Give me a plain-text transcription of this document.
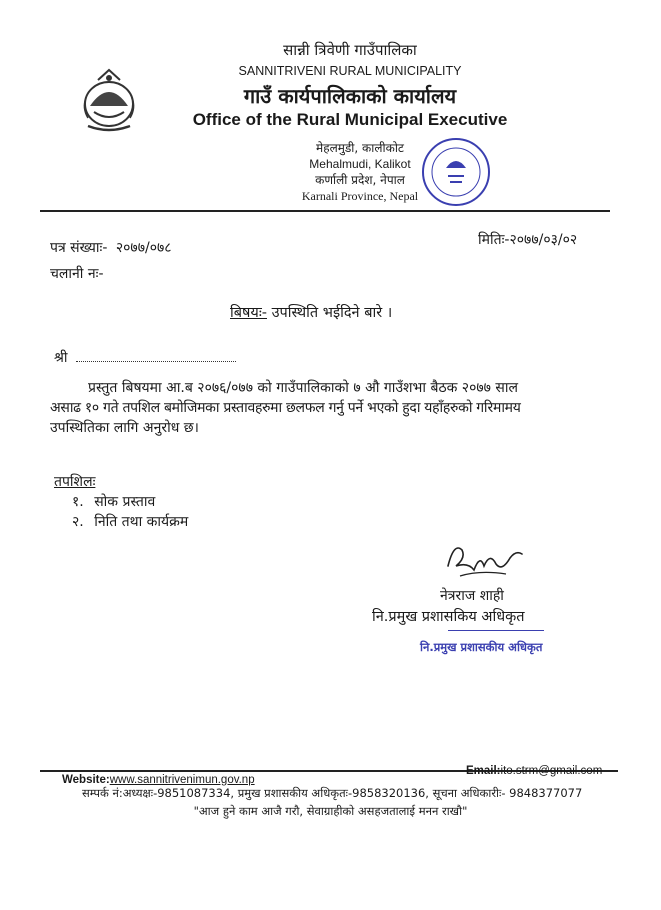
सान्नी त्रिवेणी गाउँपालिका
SANNITRIVENI RURAL MUNICIPALITY
गाउँ कार्यपालिकाको कार्यालय
Office of the Rural Municipal Executive
मेहलमुडी, कालीकोट
Mehalmudi, Kalikot
कर्णाली प्रदेश, नेपाल
Karnali Province, Nepal
पत्र संख्याः- २०७७/०७८
चलानी नः-
मितिः-२०७७/०३/०२
बिषयः- उपस्थिति भईदिने बारे ।
श्री
प्रस्तुत बिषयमा आ.ब २०७६/०७७ को गाउँपालिकाको ७ औ गाउँशभा बैठक २०७७ साल
असाढ १० गते तपशिल बमोजिमका प्रस्तावहरुमा छलफल गर्नु पर्ने भएको हुदा यहाँहरुको गरिमामय
उपस्थितिका लागि अनुरोध छ।
तपशिलः
१. सोक प्रस्ताव
२. निति तथा कार्यक्रम
नेत्रराज शाही
नि.प्रमुख प्रशासकिय अधिकृत
नि.प्रमुख प्रशासकीय अधिकृत
Website:www.sannitrivenimun.gov.np
Email:ito.strm@gmail.com
सम्पर्क नं:अध्यक्षः-9851087334, प्रमुख प्रशासकीय अधिकृतः-9858320136, सूचना अधिकारीः- 9848377077
"आज हुने काम आजै गरौ, सेवाग्राहीको असहजतालाई मनन राखौ"
